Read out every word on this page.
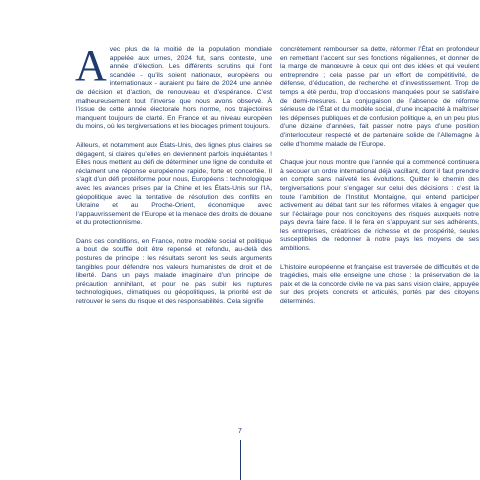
Avec plus de la moitié de la population mondiale appelée aux urnes, 2024 fut, sans conteste, une année d’élection. Les différents scrutins qui l’ont scandée - qu’ils soient nationaux, européens ou internationaux - auraient pu faire de 2024 une année de décision et d’action, de renouveau et d’espérance. C’est malheureusement tout l’inverse que nous avons observé. À l’issue de cette année électorale hors norme, nos trajectoires manquent toujours de clarté. En France et au niveau européen du moins, où les tergiversations et les biocages priment toujours.

Ailleurs, et notamment aux États-Unis, des lignes plus claires se dégagent, si claires qu’elles en deviennent parfois inquiétantes ! Elles nous mettent au défi de déterminer une ligne de conduite et réclament une réponse européenne rapide, forte et concertée. Il s’agit d’un défi protéiforme pour nous, Européens : technologique avec les avances prises par la Chine et les États-Unis sur l’IA, géopolitique avec la tentative de résolution des conflits en Ukraine et au Proche-Orient, économique avec l’appauvrissement de l’Europe et la menace des droits de douane et du protectionnisme.

Dans ces conditions, en France, notre modèle social et politique a bout de souffle doit être repensé et refondu, au-delà des postures de principe : les résultats seront les seuls arguments tangibles pour défendre nos valeurs humanistes de droit et de liberté. Dans un pays malade imaginaire d’un principe de précaution annihilant, et pour ne pas subir les ruptures technologiques, climatiques ou géopolitiques, la priorité est de retrouver le sens du risque et des responsabilités. Cela signifie

concrètement rembourser sa dette, réformer l’État en profondeur en remettant l’accent sur ses fonctions régaliennes, et donner de la marge de manœuvre à ceux qui ont des idées et qui veulent entreprendre ; cela passe par un effort de compétitivité, de défense, d’éducation, de recherche et d’investissement. Trop de temps a été perdu, trop d’occasions manquées pour se satisfaire de demi-mesures. La conjugaison de l’absence de réforme sérieuse de l’État et du modèle social, d’une incapacité à maîtriser les dépenses publiques et de confusion politique a, en un peu plus d’une dizaine d’années, fait passer notre pays d’une position d’interlocuteur respecté et de partenaire solide de l’Allemagne à celle d’homme malade de l’Europe.

Chaque jour nous montre que l’année qui a commencé continuera à secouer un ordre international déjà vacillant, dont il faut prendre en compte sans naïveté les évolutions. Quitter le chemin des tergiversations pour s’engager sur celui des décisions : c’est là toute l’ambition de l’Institut Montaigne, qui entend participer activement au débat tant sur les réformes vitales à engager que sur l’éclairage pour nos concitoyens des risques auxquels notre pays devra faire face. Il le fera en s’appuyant sur ses adhérents, les entreprises, créatrices de richesse et de prospérité, seules susceptibles de redonner à notre pays les moyens de ses ambitions.

L’histoire européenne et française est traversée de difficultés et de tragédies, mais elle enseigne une chose : la préservation de la paix et de la concorde civile ne va pas sans vision claire, appuyée sur des projets concrets et articulés, portés par des citoyens déterminés.

7
